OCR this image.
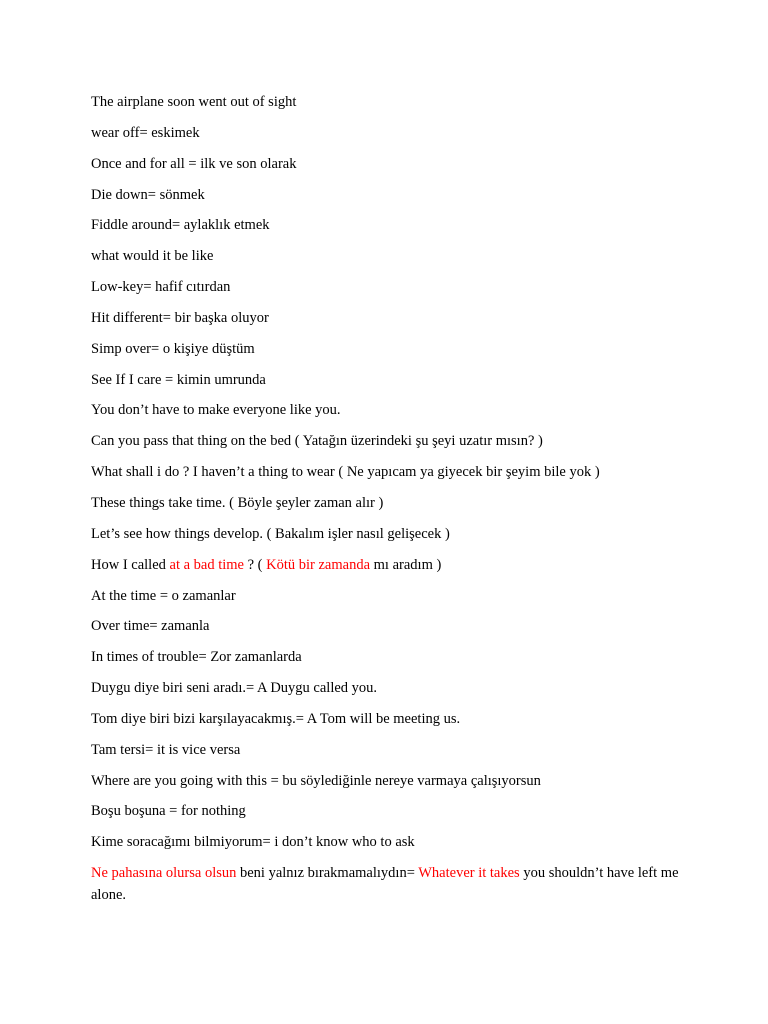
The airplane soon went out of sight
wear off= eskimek
Once and for all = ilk ve son olarak
Die down= sönmek
Fiddle around= aylaklık etmek
what would it be like
Low-key= hafif cıtırdan
Hit different= bir başka oluyor
Simp over= o kişiye düştüm
See If I care = kimin umrunda
You don’t have to make everyone like you.
Can you pass that thing on the bed ( Yatağın üzerindeki şu şeyi uzatır mısın? )
What shall i do ? I haven’t a thing to wear ( Ne yapıcam ya giyecek bir şeyim bile yok )
These things take time. ( Böyle şeyler zaman alır )
Let’s see how things develop. ( Bakalım işler nasıl gelişecek )
How I called at a bad time ? ( Kötü bir zamanda mı aradım )
At the time = o zamanlar
Over time= zamanla
In times of trouble= Zor zamanlarda
Duygu diye biri seni aradı.= A Duygu called you.
Tom diye biri bizi karşılayacakmış.= A Tom will be meeting us.
Tam tersi= it is vice versa
Where are you going with this = bu söylediğinle nereye varmaya çalışıyorsun
Boşu boşuna = for nothing
Kime soracağımı bilmiyorum= i don’t know who to ask
Ne pahasına olursa olsun beni yalnız bırakmamalıydın= Whatever it takes you shouldn’t have left me alone.
